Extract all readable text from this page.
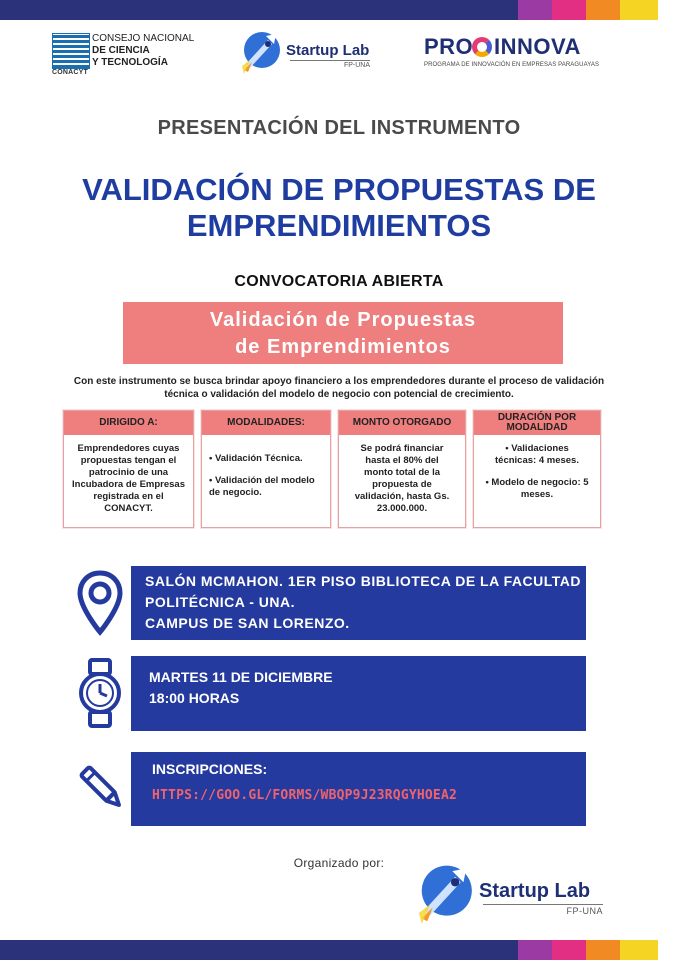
CONACYT
CONSEJO NACIONAL
DE CIENCIA
Y TECNOLOGÍA
Startup Lab
FP-UNA
PRO INNOVA
PROGRAMA DE INNOVACIÓN EN EMPRESAS PARAGUAYAS
PRESENTACIÓN DEL INSTRUMENTO
VALIDACIÓN DE PROPUESTAS DE
EMPRENDIMIENTOS
CONVOCATORIA ABIERTA
Validación de Propuestas
de Emprendimientos
Con este instrumento se busca brindar apoyo financiero a los emprendedores durante el proceso de validación técnica o validación del modelo de negocio con potencial de crecimiento.
DIRIGIDO A:
Emprendedores cuyas propuestas tengan el patrocinio de una Incubadora de Empresas registrada en el CONACYT.
MODALIDADES:
• Validación Técnica.
• Validación del modelo de negocio.
MONTO OTORGADO
Se podrá financiar hasta el 80% del monto total de la propuesta de validación, hasta Gs. 23.000.000.
DURACIÓN POR MODALIDAD
• Validaciones técnicas: 4 meses.
• Modelo de negocio: 5 meses.
SALÓN MCMAHON. 1ER PISO BIBLIOTECA DE LA FACULTAD
POLITÉCNICA - UNA.
CAMPUS DE SAN LORENZO.
MARTES 11 DE DICIEMBRE
18:00 HORAS
INSCRIPCIONES:
HTTPS://GOO.GL/FORMS/WBQP9J23RQGYHOEA2
Organizado por:
Startup Lab
FP-UNA
